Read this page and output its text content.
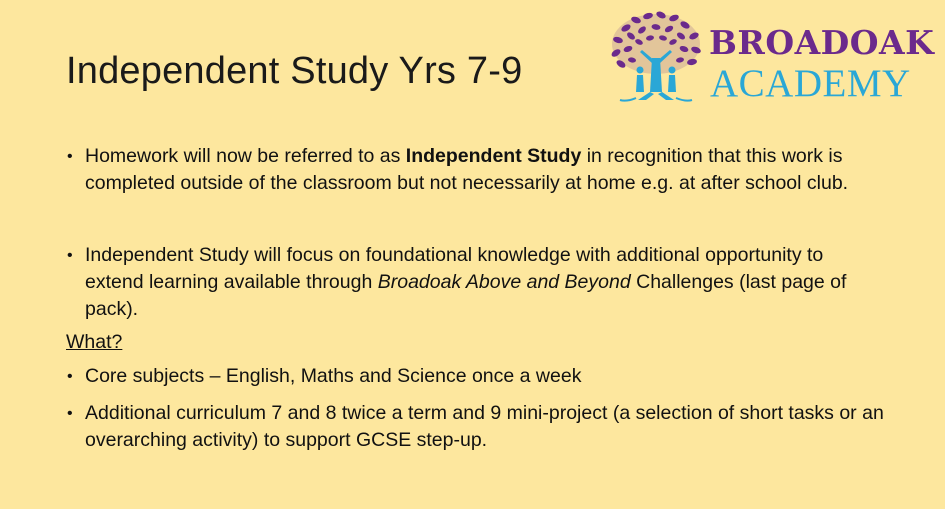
Independent Study Yrs 7-9
BROADOAK
ACADEMY
• Homework will now be referred to as Independent Study in recognition that this work is completed outside of the classroom but not necessarily at home e.g. at after school club.
• Independent Study will focus on foundational knowledge with additional opportunity to extend learning available through Broadoak Above and Beyond Challenges (last page of pack).
What?
• Core subjects – English, Maths and Science once a week
• Additional curriculum 7 and 8 twice a term and 9 mini-project (a selection of short tasks or an overarching activity) to support GCSE step-up.
